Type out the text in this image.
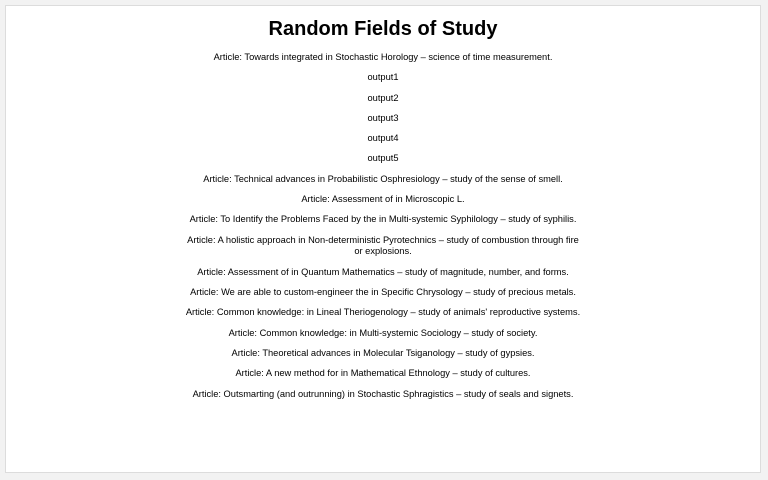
Random Fields of Study
Article: Towards integrated in Stochastic Horology – science of time measurement.
output1
output2
output3
output4
output5
Article: Technical advances in Probabilistic Osphresiology – study of the sense of smell.
Article: Assessment of in Microscopic L.
Article: To Identify the Problems Faced by the in Multi-systemic Syphilology – study of syphilis.
Article: A holistic approach in Non-deterministic Pyrotechnics – study of combustion through fire or explosions.
Article: Assessment of in Quantum Mathematics – study of magnitude, number, and forms.
Article: We are able to custom-engineer the in Specific Chrysology – study of precious metals.
Article: Common knowledge: in Lineal Theriogenology – study of animals' reproductive systems.
Article: Common knowledge: in Multi-systemic Sociology – study of society.
Article: Theoretical advances in Molecular Tsiganology – study of gypsies.
Article: A new method for in Mathematical Ethnology – study of cultures.
Article: Outsmarting (and outrunning) in Stochastic Sphragistics – study of seals and signets.
